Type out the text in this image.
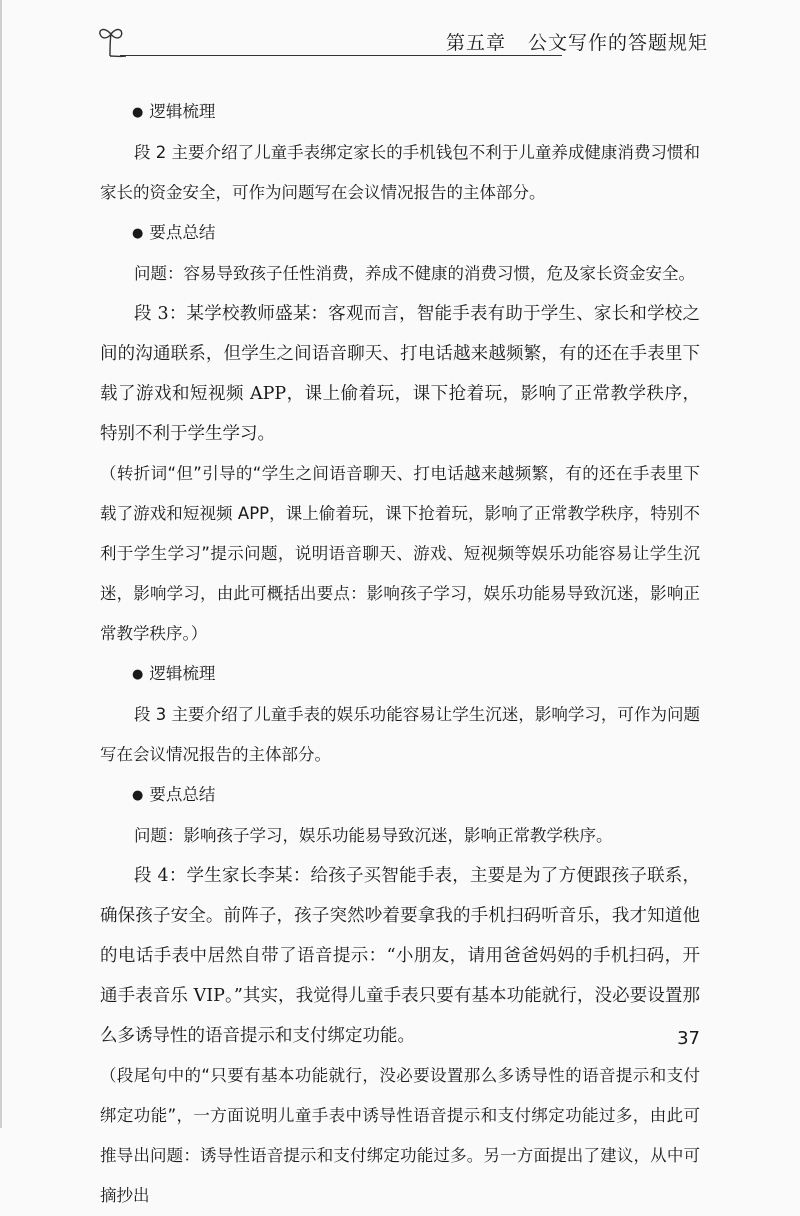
第五章 公文写作的答题规矩

● 逻辑梳理

段 2 主要介绍了儿童手表绑定家长的手机钱包不利于儿童养成健康消费习惯和家长的资金安全，可作为问题写在会议情况报告的主体部分。

● 要点总结

问题：容易导致孩子任性消费，养成不健康的消费习惯，危及家长资金安全。

段 3：某学校教师盛某：客观而言，智能手表有助于学生、家长和学校之间的沟通联系，但学生之间语音聊天、打电话越来越频繁，有的还在手表里下载了游戏和短视频 APP，课上偷着玩，课下抢着玩，影响了正常教学秩序，特别不利于学生学习。

（转折词“但”引导的“学生之间语音聊天、打电话越来越频繁，有的还在手表里下载了游戏和短视频 APP，课上偷着玩，课下抢着玩，影响了正常教学秩序，特别不利于学生学习”提示问题，说明语音聊天、游戏、短视频等娱乐功能容易让学生沉迷，影响学习，由此可概括出要点：影响孩子学习，娱乐功能易导致沉迷，影响正常教学秩序。）

● 逻辑梳理

段 3 主要介绍了儿童手表的娱乐功能容易让学生沉迷，影响学习，可作为问题写在会议情况报告的主体部分。

● 要点总结

问题：影响孩子学习，娱乐功能易导致沉迷，影响正常教学秩序。

段 4：学生家长李某：给孩子买智能手表，主要是为了方便跟孩子联系，确保孩子安全。前阵子，孩子突然吵着要拿我的手机扫码听音乐，我才知道他的电话手表中居然自带了语音提示：“小朋友，请用爸爸妈妈的手机扫码，开通手表音乐 VIP。”其实，我觉得儿童手表只要有基本功能就行，没必要设置那么多诱导性的语音提示和支付绑定功能。

（段尾句中的“只要有基本功能就行，没必要设置那么多诱导性的语音提示和支付绑定功能”，一方面说明儿童手表中诱导性语音提示和支付绑定功能过多，由此可推导出问题：诱导性语音提示和支付绑定功能过多。另一方面提出了建议，从中可摘抄出

37
